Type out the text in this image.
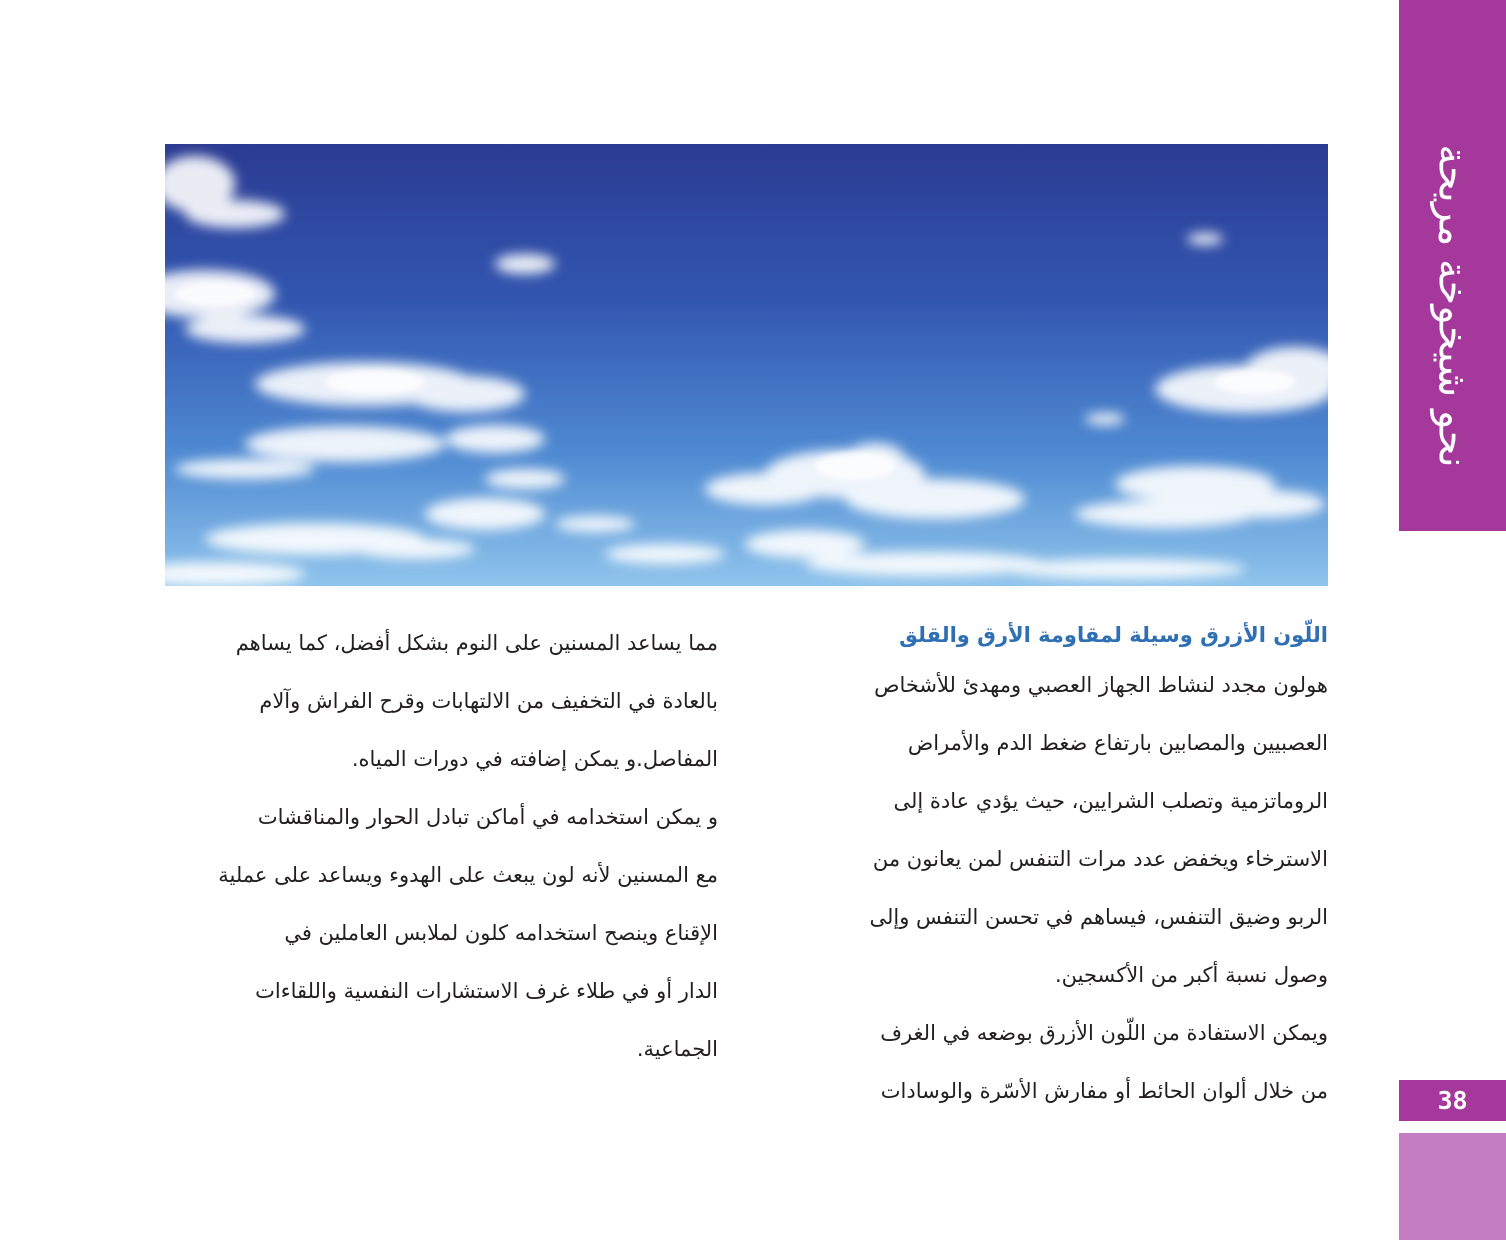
نحو شيخوخة مريحة
38

اللّون الأزرق وسيلة لمقاومة الأرق والقلق

هولون مجدد لنشاط الجهاز العصبي ومهدئ للأشخاص
العصبيين والمصابين بارتفاع ضغط الدم والأمراض
الروماتزمية وتصلب الشرايين، حيث يؤدي عادة إلى
الاسترخاء ويخفض عدد مرات التنفس لمن يعانون من
الربو وضيق التنفس، فيساهم في تحسن التنفس وإلى
وصول نسبة أكبر من الأكسجين.
ويمكن الاستفادة من اللّون الأزرق بوضعه في الغرف
من خلال ألوان الحائط أو مفارش الأسّرة والوسادات
مما يساعد المسنين على النوم بشكل أفضل، كما يساهم
بالعادة في التخفيف من الالتهابات وقرح الفراش وآلام
المفاصل.و يمكن إضافته في دورات المياه.
و يمكن استخدامه في أماكن تبادل الحوار والمناقشات
مع المسنين لأنه لون يبعث على الهدوء ويساعد على عملية
الإقناع وينصح استخدامه كلون لملابس العاملين في
الدار أو في طلاء غرف الاستشارات النفسية واللقاءات
الجماعية.
